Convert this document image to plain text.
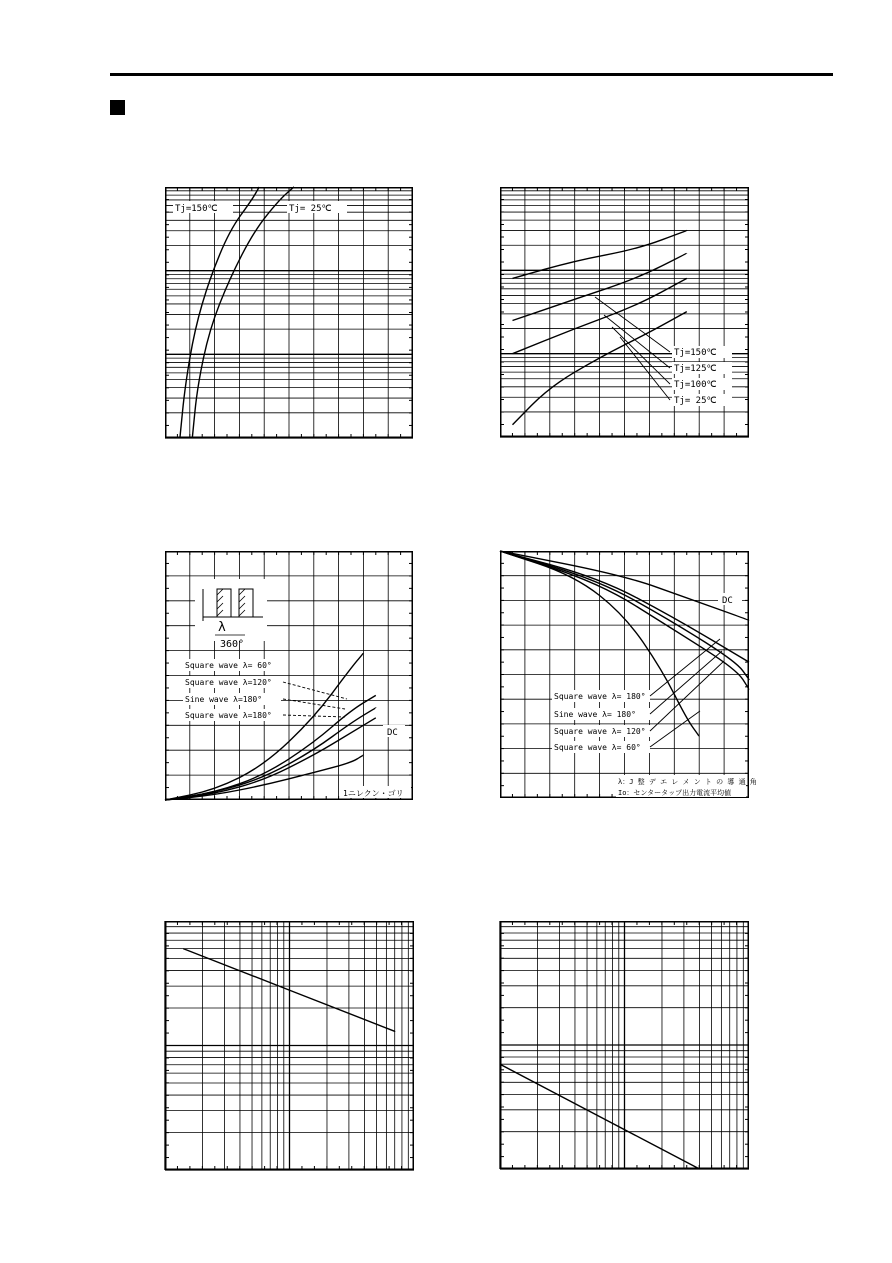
Tj=150℃	Tj= 25℃
Tj=150℃
Tj=125℃
Tj=100℃
Tj= 25℃
λ
360°
Square wave λ= 60°
Square wave λ=120°
Sine wave λ=180°
Square wave λ=180°
DC
1ニレクン・ゴリ
DC
Square wave λ= 180°
Sine wave λ= 180°
Square wave λ= 120°
Square wave λ= 60°
λ：J 整 デ エ レ メ ン ト の 導 通 角
Io：センタータップ出力電流平均値
